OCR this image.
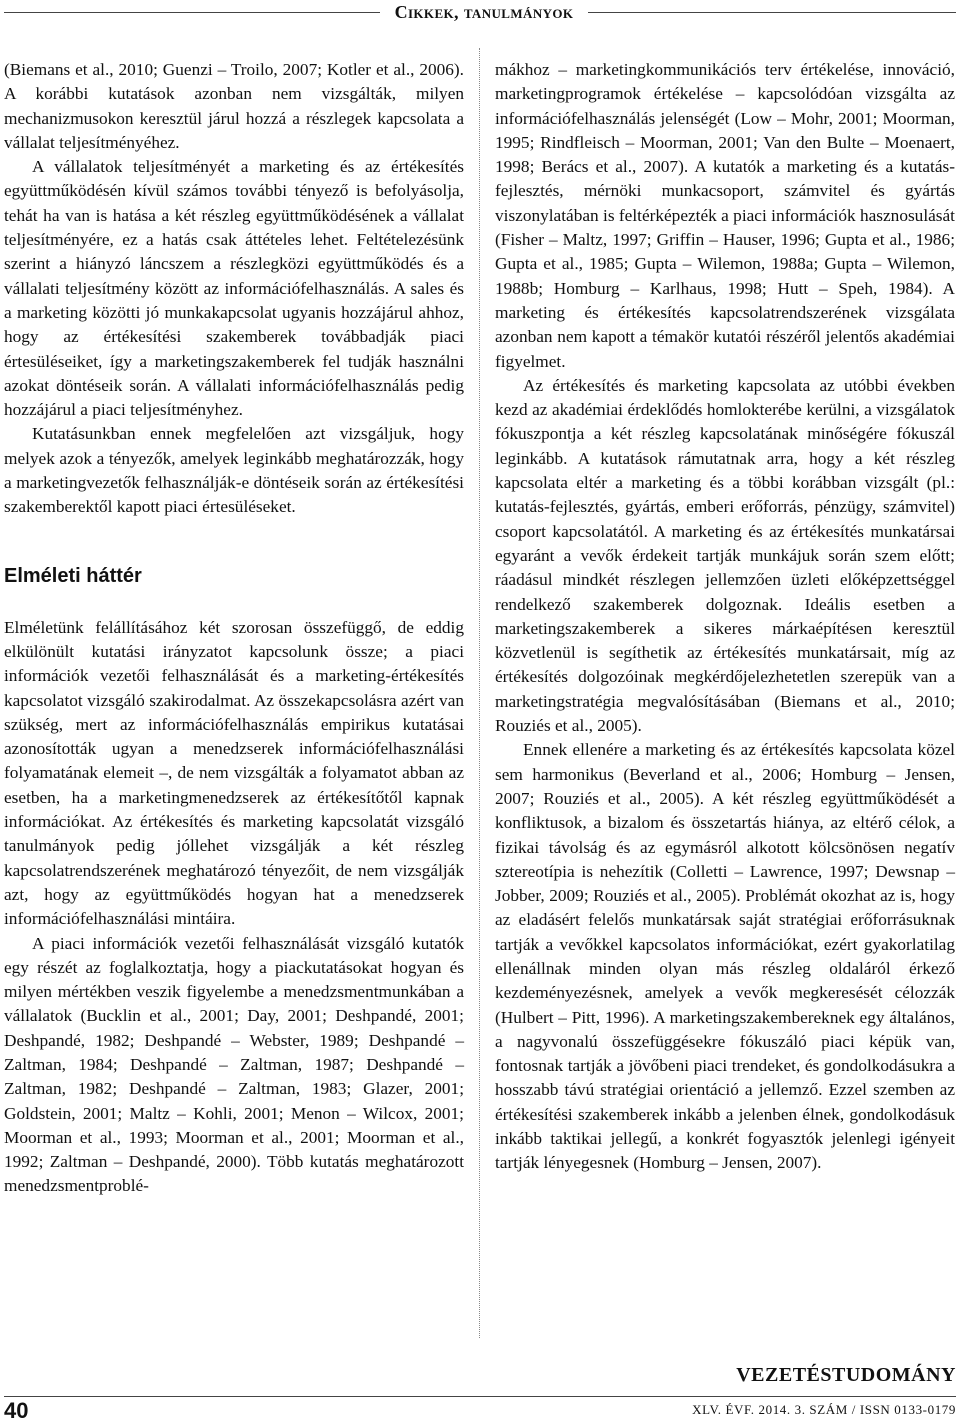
Cikkek, tanulmányok

(Biemans et al., 2010; Guenzi – Troilo, 2007; Kotler et al., 2006). A korábbi kutatások azonban nem vizsgálták, milyen mechanizmusokon keresztül járul hozzá a részlegek kapcsolata a vállalat teljesítményéhez.

A vállalatok teljesítményét a marketing és az értékesítés együttműködésén kívül számos további tényező is befolyásolja, tehát ha van is hatása a két részleg együttműködésének a vállalat teljesítményére, ez a hatás csak áttételes lehet. Feltételezésünk szerint a hiányzó láncszem a részlegközi együttműködés és a vállalati teljesítmény között az információfelhasználás. A sales és a marketing közötti jó munkakapcsolat ugyanis hozzájárul ahhoz, hogy az értékesítési szakemberek továbbadják piaci értesüléseiket, így a marketingszakemberek fel tudják használni azokat döntéseik során. A vállalati információfelhasználás pedig hozzájárul a piaci teljesítményhez.

Kutatásunkban ennek megfelelően azt vizsgáljuk, hogy melyek azok a tényezők, amelyek leginkább meghatározzák, hogy a marketingvezetők felhasználják-e döntéseik során az értékesítési szakemberektől kapott piaci értesüléseket.

Elméleti háttér

Elméletünk felállításához két szorosan összefüggő, de eddig elkülönült kutatási irányzatot kapcsolunk össze; a piaci információk vezetői felhasználását és a marketing-értékesítés kapcsolatot vizsgáló szakirodalmat. Az összekapcsolásra azért van szükség, mert az információfelhasználás empirikus kutatásai azonosították ugyan a menedzserek információfelhasználási folyamatának elemeit –, de nem vizsgálták a folyamatot abban az esetben, ha a marketingmenedzserek az értékesítőtől kapnak információkat. Az értékesítés és marketing kapcsolatát vizsgáló tanulmányok pedig jóllehet vizsgálják a két részleg kapcsolatrendszerének meghatározó tényezőit, de nem vizsgálják azt, hogy az együttműködés hogyan hat a menedzserek információfelhasználási mintáira.

A piaci információk vezetői felhasználását vizsgáló kutatók egy részét az foglalkoztatja, hogy a piackutatásokat hogyan és milyen mértékben veszik figyelembe a menedzsmentmunkában a vállalatok (Bucklin et al., 2001; Day, 2001; Deshpandé, 2001; Deshpandé, 1982; Deshpandé – Webster, 1989; Deshpandé – Zaltman, 1984; Deshpandé – Zaltman, 1987; Deshpandé – Zaltman, 1982; Deshpandé – Zaltman, 1983; Glazer, 2001; Goldstein, 2001; Maltz – Kohli, 2001; Menon – Wilcox, 2001; Moorman et al., 1993; Moorman et al., 2001; Moorman et al., 1992; Zaltman – Deshpandé, 2000). Több kutatás meghatározott menedzsmentproblé-

mákhoz – marketingkommunikációs terv értékelése, innováció, marketingprogramok értékelése – kapcsolódóan vizsgálta az információfelhasználás jelenségét (Low – Mohr, 2001; Moorman, 1995; Rindfleisch – Moorman, 2001; Van den Bulte – Moenaert, 1998; Berács et al., 2007). A kutatók a marketing és a kutatás-fejlesztés, mérnöki munkacsoport, számvitel és gyártás viszonylatában is feltérképezték a piaci információk hasznosulását (Fisher – Maltz, 1997; Griffin – Hauser, 1996; Gupta et al., 1986; Gupta et al., 1985; Gupta – Wilemon, 1988a; Gupta – Wilemon, 1988b; Homburg – Karlhaus, 1998; Hutt – Speh, 1984). A marketing és értékesítés kapcsolatrendszerének vizsgálata azonban nem kapott a témakör kutatói részéről jelentős akadémiai figyelmet.

Az értékesítés és marketing kapcsolata az utóbbi években kezd az akadémiai érdeklődés homlokterébe kerülni, a vizsgálatok fókuszpontja a két részleg kapcsolatának minőségére fókuszál leginkább. A kutatások rámutatnak arra, hogy a két részleg kapcsolata eltér a marketing és a többi korábban vizsgált (pl.: kutatás-fejlesztés, gyártás, emberi erőforrás, pénzügy, számvitel) csoport kapcsolatától. A marketing és az értékesítés munkatársai egyaránt a vevők érdekeit tartják munkájuk során szem előtt; ráadásul mindkét részlegen jellemzően üzleti előképzettséggel rendelkező szakemberek dolgoznak. Ideális esetben a marketingszakemberek a sikeres márkaépítésen keresztül közvetlenül is segíthetik az értékesítés munkatársait, míg az értékesítés dolgozóinak megkérdőjelezhetetlen szerepük van a marketingstratégia megvalósításában (Biemans et al., 2010; Rouziés et al., 2005).

Ennek ellenére a marketing és az értékesítés kapcsolata közel sem harmonikus (Beverland et al., 2006; Homburg – Jensen, 2007; Rouziés et al., 2005). A két részleg együttműködését a konfliktusok, a bizalom és összetartás hiánya, az eltérő célok, a fizikai távolság és az egymásról alkotott kölcsönösen negatív sztereotípia is nehezítik (Colletti – Lawrence, 1997; Dewsnap – Jobber, 2009; Rouziés et al., 2005). Problémát okozhat az is, hogy az eladásért felelős munkatársak saját stratégiai erőforrásuknak tartják a vevőkkel kapcsolatos információkat, ezért gyakorlatilag ellenállnak minden olyan más részleg oldaláról érkező kezdeményezésnek, amelyek a vevők megkeresését célozzák (Hulbert – Pitt, 1996). A marketingszakembereknek egy általános, a nagyvonalú összefüggésekre fókuszáló piaci képük van, fontosnak tartják a jövőbeni piaci trendeket, és gondolkodásukra a hosszabb távú stratégiai orientáció a jellemző. Ezzel szemben az értékesítési szakemberek inkább a jelenben élnek, gondolkodásuk inkább taktikai jellegű, a konkrét fogyasztók jelenlegi igényeit tartják lényegesnek (Homburg – Jensen, 2007).

VEZETÉSTUDOMÁNY
40	XLV. ÉVF. 2014. 3. SZÁM / ISSN 0133-0179
